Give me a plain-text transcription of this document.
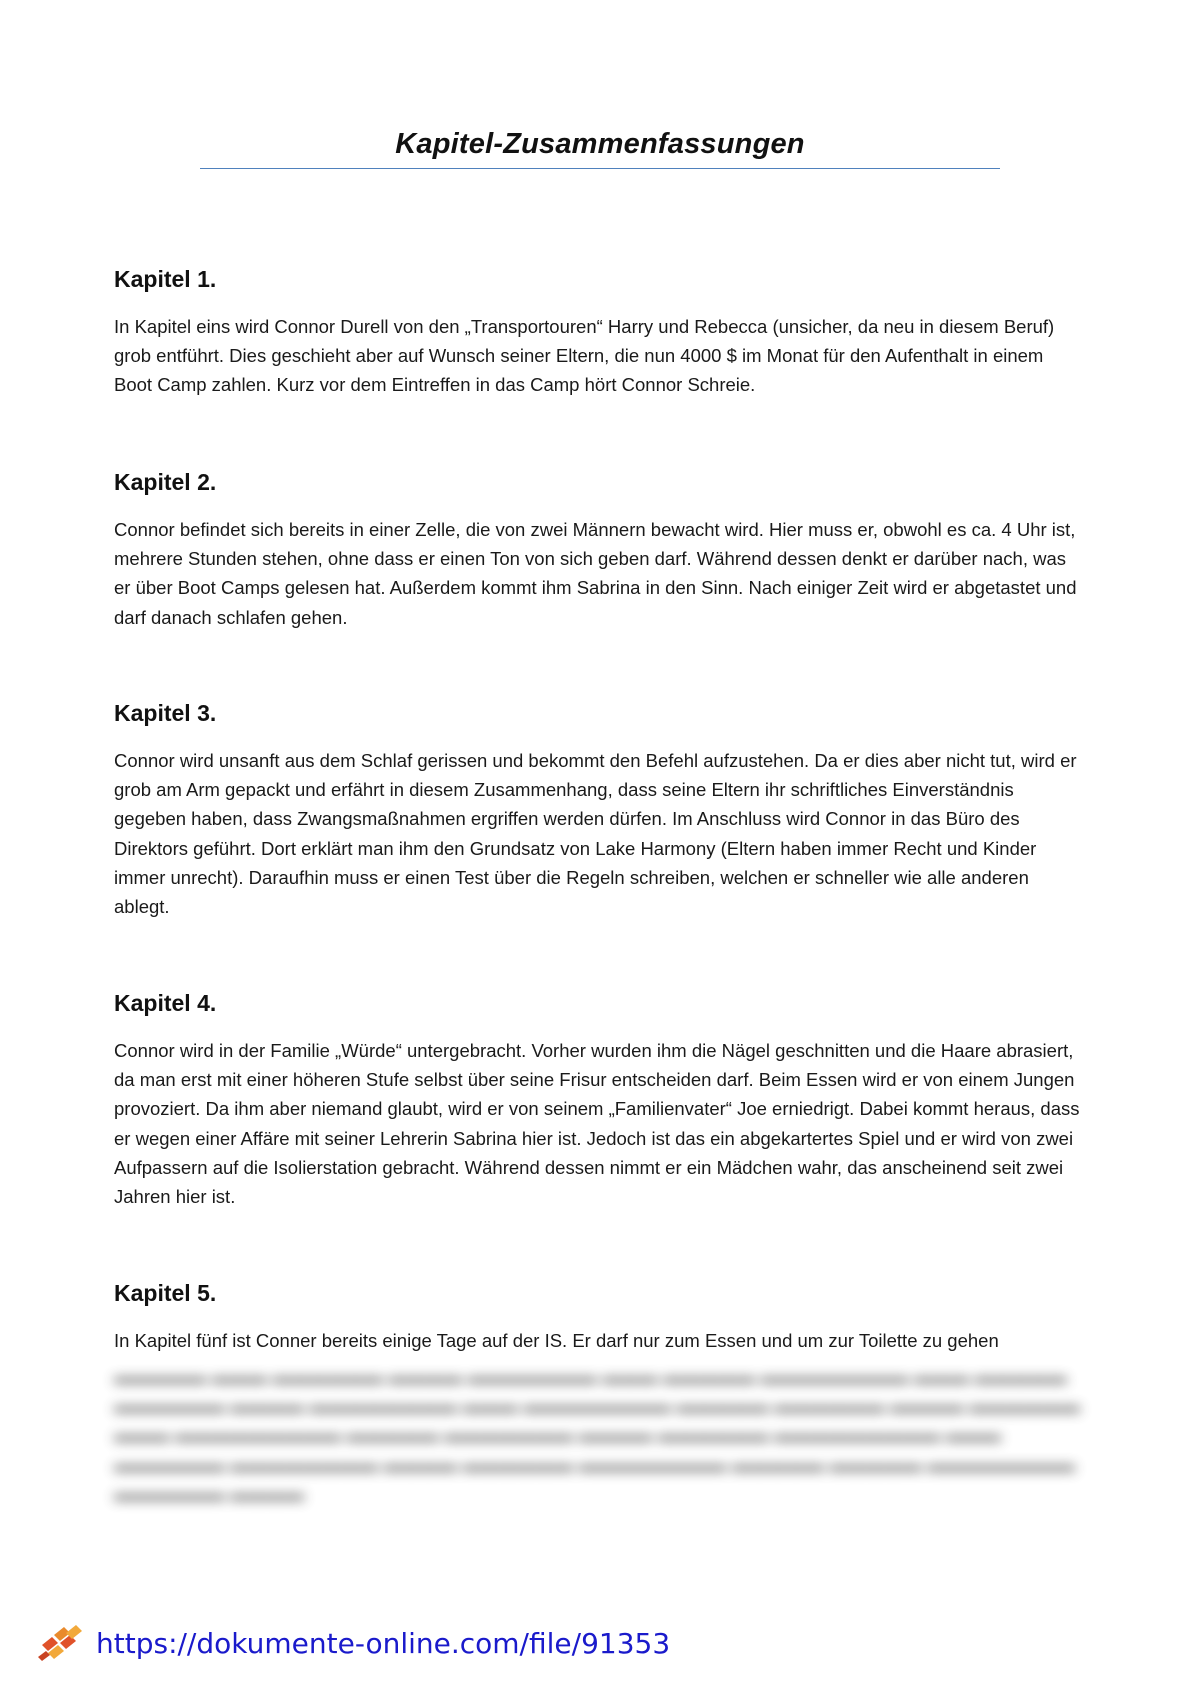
Kapitel-Zusammenfassungen
Kapitel 1.

In Kapitel eins wird Connor Durell von den „Transportouren“ Harry und Rebecca (unsicher, da neu in diesem Beruf) grob entführt. Dies geschieht aber auf Wunsch seiner Eltern, die nun 4000 $ im Monat für den Aufenthalt in einem Boot Camp zahlen. Kurz vor dem Eintreffen in das Camp hört Connor Schreie.

Kapitel 2.

Connor befindet sich bereits in einer Zelle, die von zwei Männern bewacht wird. Hier muss er, obwohl es ca. 4 Uhr ist, mehrere Stunden stehen, ohne dass er einen Ton von sich geben darf. Während dessen denkt er darüber nach, was er über Boot Camps gelesen hat. Außerdem kommt ihm Sabrina in den Sinn. Nach einiger Zeit wird er abgetastet und darf danach schlafen gehen.

Kapitel 3.

Connor wird unsanft aus dem Schlaf gerissen und bekommt den Befehl aufzustehen. Da er dies aber nicht tut, wird er grob am Arm gepackt und erfährt in diesem Zusammenhang, dass seine Eltern ihr schriftliches Einverständnis gegeben haben, dass Zwangsmaßnahmen ergriffen werden dürfen. Im Anschluss wird Connor in das Büro des Direktors geführt. Dort erklärt man ihm den Grundsatz von Lake Harmony (Eltern haben immer Recht und Kinder immer unrecht). Daraufhin muss er einen Test über die Regeln schreiben, welchen er schneller wie alle anderen ablegt.

Kapitel 4.

Connor wird in der Familie „Würde“ untergebracht. Vorher wurden ihm die Nägel geschnitten und die Haare abrasiert, da man erst mit einer höheren Stufe selbst über seine Frisur entscheiden darf. Beim Essen wird er von einem Jungen provoziert. Da ihm aber niemand glaubt, wird er von seinem „Familienvater“ Joe erniedrigt. Dabei kommt heraus, dass er wegen einer Affäre mit seiner Lehrerin Sabrina hier ist. Jedoch ist das ein abgekartertes Spiel und er wird von zwei Aufpassern auf die Isolierstation gebracht. Während dessen nimmt er ein Mädchen wahr, das anscheinend seit zwei Jahren hier ist.

Kapitel 5.

In Kapitel fünf ist Conner bereits einige Tage auf der IS. Er darf nur zum Essen und um zur Toilette zu gehen

▬▬▬▬▬ ▬▬▬ ▬▬▬▬▬▬ ▬▬▬▬ ▬▬▬▬▬▬▬ ▬▬▬ ▬▬▬▬▬ ▬▬▬▬▬▬▬▬ ▬▬▬ ▬▬▬▬▬ ▬▬▬▬▬▬ ▬▬▬▬ ▬▬▬▬▬▬▬▬ ▬▬▬ ▬▬▬▬▬▬▬▬ ▬▬▬▬▬ ▬▬▬▬▬▬ ▬▬▬▬ ▬▬▬▬▬▬ ▬▬▬ ▬▬▬▬▬▬▬▬▬ ▬▬▬▬▬ ▬▬▬▬▬▬▬ ▬▬▬▬ ▬▬▬▬▬▬ ▬▬▬▬▬▬▬▬▬ ▬▬▬ ▬▬▬▬▬▬ ▬▬▬▬▬▬▬▬ ▬▬▬▬ ▬▬▬▬▬▬ ▬▬▬▬▬▬▬▬ ▬▬▬▬▬ ▬▬▬▬▬ ▬▬▬▬▬▬▬▬ ▬▬▬▬▬▬ ▬▬▬▬

https://dokumente-online.com/file/91353
